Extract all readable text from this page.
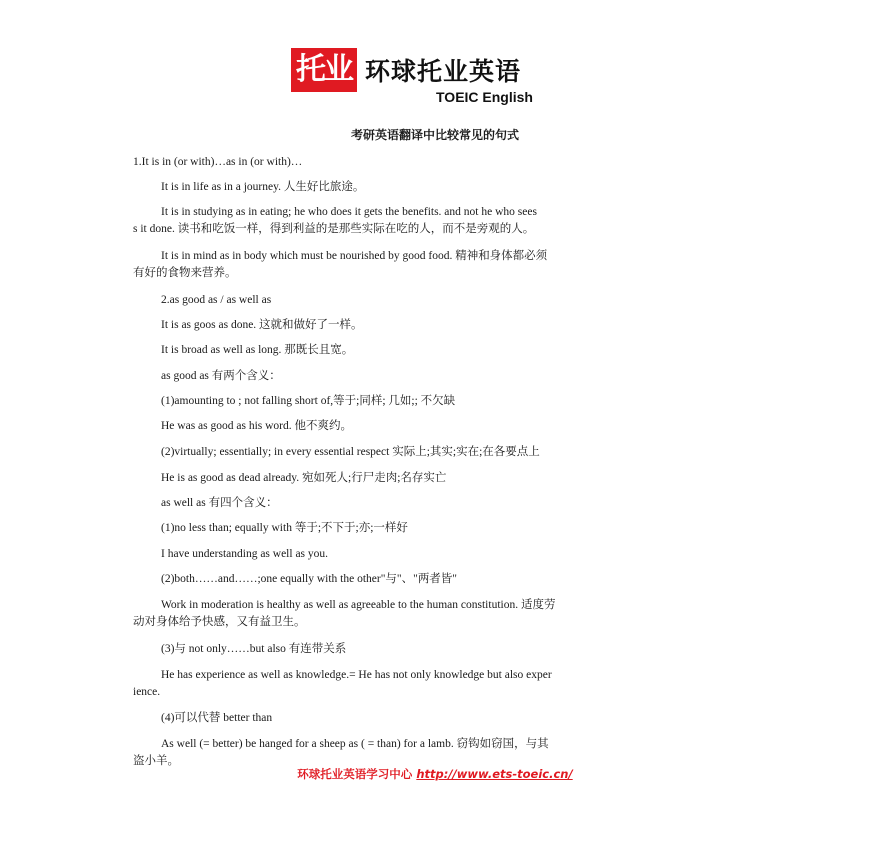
托业 环球托业英语
TOEIC English
考研英语翻译中比较常见的句式
1.It is in (or with)…as in (or with)…
It is in life as in a journey. 人生好比旅途。
It is in studying as in eating; he who does it gets the benefits. and not he who sees
s it done. 读书和吃饭一样，得到利益的是那些实际在吃的人，而不是旁观的人。
It is in mind as in body which must be nourished by good food. 精神和身体都必须
有好的食物来营养。
2.as good as / as well as
It is as goos as done. 这就和做好了一样。
It is broad as well as long. 那既长且宽。
as good as 有两个含义：
(1)amounting to ; not falling short of,等于;同样; 几如;; 不欠缺
He was as good as his word. 他不爽约。
(2)virtually; essentially; in every essential respect 实际上;其实;实在;在各要点上
He is as good as dead already. 宛如死人;行尸走肉;名存实亡
as well as 有四个含义：
(1)no less than; equally with 等于;不下于;亦;一样好
I have understanding as well as you.
(2)both……and……;one equally with the other"与"、"两者皆"
Work in moderation is healthy as well as agreeable to the human constitution. 适度劳
动对身体给予快感，又有益卫生。
(3)与 not only……but also 有连带关系
He has experience as well as knowledge.= He has not only knowledge but also exper
ience.
(4)可以代替 better than
As well (= better) be hanged for a sheep as ( = than) for a lamb. 窃钩如窃国，与其
盗小羊。
环球托业英语学习中心 http://www.ets-toeic.cn/
